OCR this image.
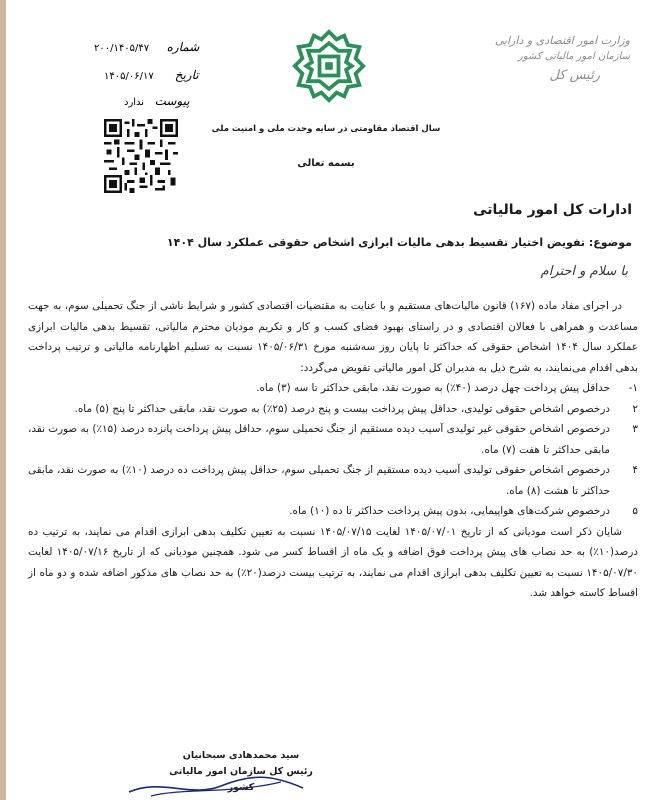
شماره     ۲۰۰/۱۴۰۵/۴۷
تاریخ      ۱۴۰۵/۰۶/۱۷
پیوست   ندارد
وزارت امور اقتصادی و دارایی
سازمان امور مالیاتی کشور
رئیس کل
سال اقتصاد مقاومتی در سایه وحدت ملی و امنیت ملی
بسمه تعالی
ادارات کل امور مالیاتی
موضوع: تفویض اختیار تقسیط بدهی مالیات ابرازی اشخاص حقوقی عملکرد سال ۱۴۰۴
با سلام و احترام

در اجرای مفاد ماده (۱۶۷) قانون مالیات‌های مستقیم و با عنایت به مقتضیات اقتصادی کشور و شرایط ناشی از جنگ تحمیلی سوم، به جهت مساعدت و همراهی با فعالان اقتصادی و در راستای بهبود فضای کسب و کار و تکریم مودیان محترم مالیاتی، تقسیط بدهی مالیات ابرازی عملکرد سال ۱۴۰۴ اشخاص حقوقی که حداکثر تا پایان روز سه‌شنبه مورخ ۱۴۰۵/۰۶/۳۱ نسبت به تسلیم اظهارنامه مالیاتی و ترتیب پرداخت بدهی اقدام می‌نمایند، به شرح ذیل به مدیران کل امور مالیاتی تفویض می‌گردد:

۱-
حداقل پیش پرداخت چهل درصد (۴۰٪) به صورت نقد، مابقی حداکثر تا سه (۳) ماه.
۲
درخصوص اشخاص حقوقی تولیدی، حداقل پیش پرداخت بیست و پنج درصد (۲۵٪) به صورت نقد، مابقی حداکثر تا پنج (۵) ماه.
۳
درخصوص اشخاص حقوقی غیر تولیدی آسیب دیده مستقیم از جنگ تحمیلی سوم، حداقل پیش پرداخت پانزده درصد (۱۵٪) به صورت نقد، مابقی حداکثر تا هفت (۷) ماه.
۴
درخصوص اشخاص حقوقی تولیدی آسیب دیده مستقیم از جنگ تحمیلی سوم، حداقل پیش پرداخت ده درصد (۱۰٪) به صورت نقد، مابقی حداکثر تا هشت (۸) ماه.
۵
درخصوص شرکت‌های هواپیمایی، بدون پیش پرداخت حداکثر تا ده (۱۰) ماه.

شایان ذکر است مودیانی که از تاریخ ۱۴۰۵/۰۷/۰۱ لغایت ۱۴۰۵/۰۷/۱۵ نسبت به تعیین تکلیف بدهی ابرازی اقدام می نمایند، به ترتیب ده درصد(۱۰٪) به حد نصاب های پیش پرداخت فوق اضافه و یک ماه از اقساط کسر می شود. همچنین مودیانی که از تاریخ ۱۴۰۵/۰۷/۱۶ لغایت ۱۴۰۵/۰۷/۳۰ نسبت به تعیین تکلیف بدهی ابرازی اقدام می نمایند، به ترتیب بیست درصد(۲۰٪) به حد نصاب های مذکور اضافه شده و دو ماه از اقساط کاسته خواهد شد.

سید محمدهادی سبحانیان
رئیس کل سازمان امور مالیاتی کشور
